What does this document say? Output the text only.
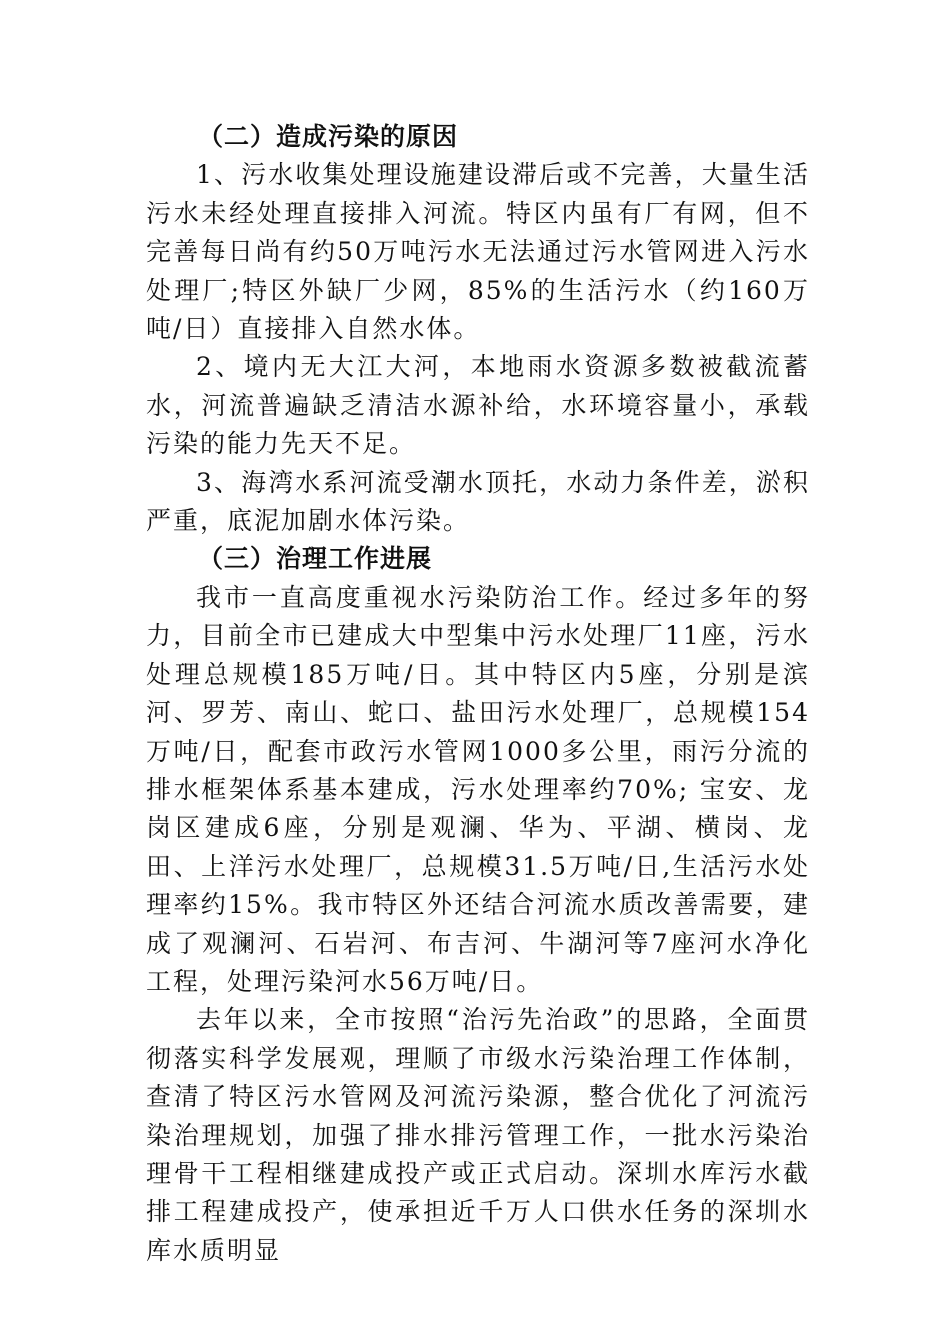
（二）造成污染的原因

1、污水收集处理设施建设滞后或不完善，大量生活污水未经处理直接排入河流。特区内虽有厂有网，但不完善每日尚有约50万吨污水无法通过污水管网进入污水处理厂;特区外缺厂少网，85%的生活污水（约160万吨/日）直接排入自然水体。

2、境内无大江大河，本地雨水资源多数被截流蓄水，河流普遍缺乏清洁水源补给，水环境容量小，承载污染的能力先天不足。

3、海湾水系河流受潮水顶托，水动力条件差，淤积严重，底泥加剧水体污染。

（三）治理工作进展

我市一直高度重视水污染防治工作。经过多年的努力，目前全市已建成大中型集中污水处理厂11座，污水处理总规模185万吨/日。其中特区内5座，分别是滨河、罗芳、南山、蛇口、盐田污水处理厂，总规模154万吨/日，配套市政污水管网1000多公里，雨污分流的排水框架体系基本建成，污水处理率约70%; 宝安、龙岗区建成6座，分别是观澜、华为、平湖、横岗、龙田、上洋污水处理厂，总规模31.5万吨/日,生活污水处理率约15%。我市特区外还结合河流水质改善需要，建成了观澜河、石岩河、布吉河、牛湖河等7座河水净化工程，处理污染河水56万吨/日。

去年以来，全市按照“治污先治政”的思路，全面贯彻落实科学发展观，理顺了市级水污染治理工作体制，查清了特区污水管网及河流污染源，整合优化了河流污染治理规划，加强了排水排污管理工作，一批水污染治理骨干工程相继建成投产或正式启动。深圳水库污水截排工程建成投产，使承担近千万人口供水任务的深圳水库水质明显
